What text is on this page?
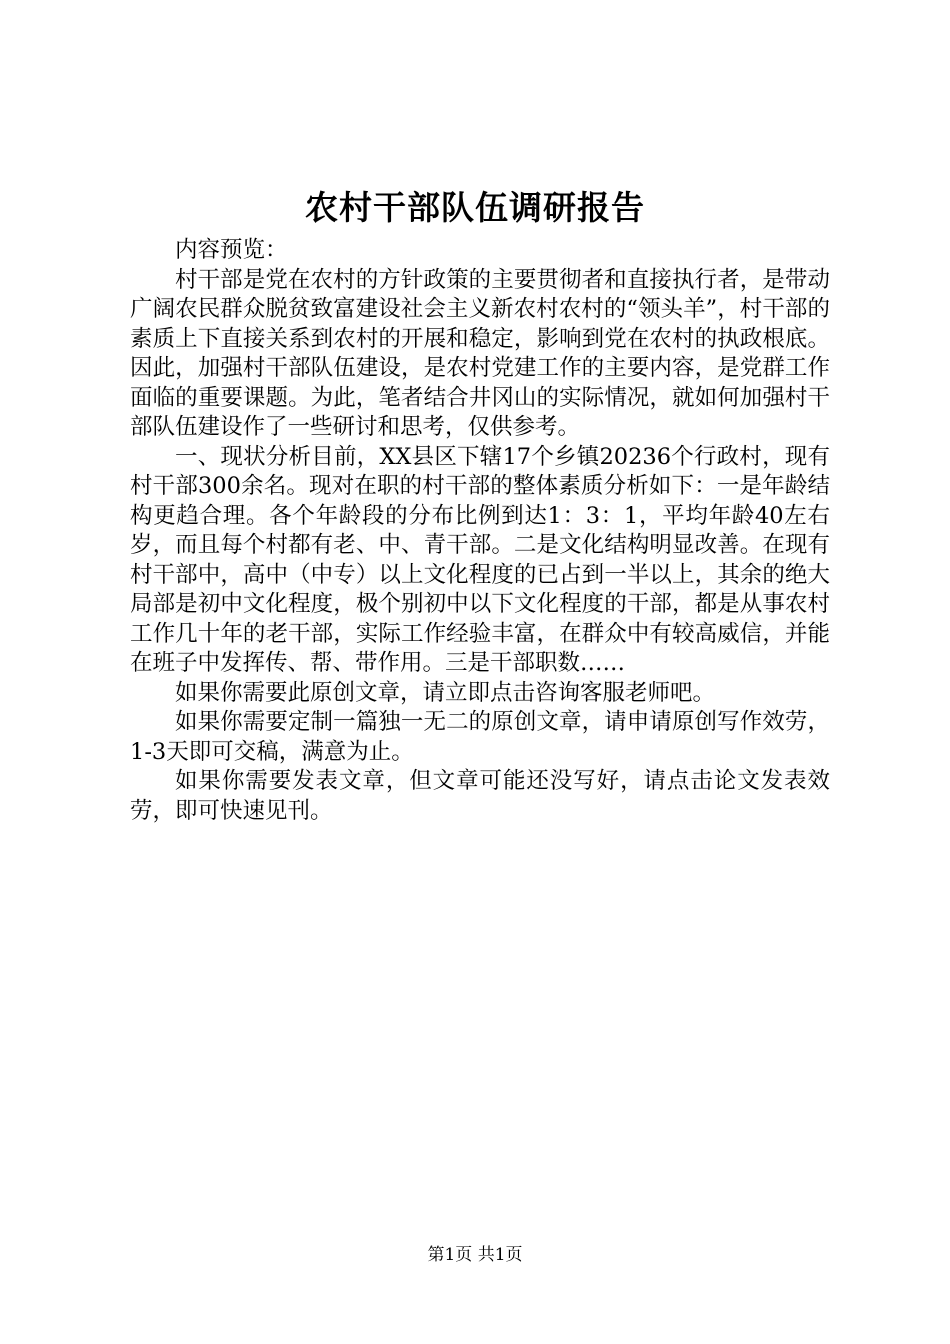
农村干部队伍调研报告

内容预览：

村干部是党在农村的方针政策的主要贯彻者和直接执行者，是带动广阔农民群众脱贫致富建设社会主义新农村农村的“领头羊”，村干部的素质上下直接关系到农村的开展和稳定，影响到党在农村的执政根底。因此，加强村干部队伍建设，是农村党建工作的主要内容，是党群工作面临的重要课题。为此，笔者结合井冈山的实际情况，就如何加强村干部队伍建设作了一些研讨和思考，仅供参考。

一、现状分析目前，XX县区下辖17个乡镇20236个行政村，现有村干部300余名。现对在职的村干部的整体素质分析如下：一是年龄结构更趋合理。各个年龄段的分布比例到达1：3：1，平均年龄40左右岁，而且每个村都有老、中、青干部。二是文化结构明显改善。在现有村干部中，高中（中专）以上文化程度的已占到一半以上，其余的绝大局部是初中文化程度，极个别初中以下文化程度的干部，都是从事农村工作几十年的老干部，实际工作经验丰富，在群众中有较高威信，并能在班子中发挥传、帮、带作用。三是干部职数……

如果你需要此原创文章，请立即点击咨询客服老师吧。

如果你需要定制一篇独一无二的原创文章，请申请原创写作效劳，1-3天即可交稿，满意为止。

如果你需要发表文章，但文章可能还没写好，请点击论文发表效劳，即可快速见刊。

第1页 共1页
